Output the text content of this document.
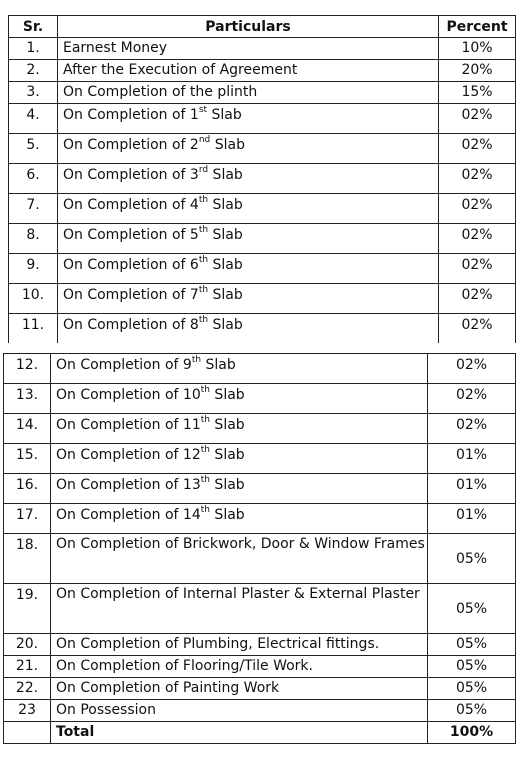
Sr.	Particulars	Percent
1.	Earnest Money	10%
2.	After the Execution of Agreement	20%
3.	On Completion of the plinth	15%
4.	On Completion of 1st Slab	02%
5.	On Completion of 2nd Slab	02%
6.	On Completion of 3rd Slab	02%
7.	On Completion of 4th Slab	02%
8.	On Completion of 5th Slab	02%
9.	On Completion of 6th Slab	02%
10.	On Completion of 7th Slab	02%
11.	On Completion of 8th Slab	02%
12.	On Completion of 9th Slab	02%
13.	On Completion of 10th Slab	02%
14.	On Completion of 11th Slab	02%
15.	On Completion of 12th Slab	01%
16.	On Completion of 13th Slab	01%
17.	On Completion of 14th Slab	01%
18.	On Completion of Brickwork, Door & Window Frames	05%
19.	On Completion of Internal Plaster & External Plaster	05%
20.	On Completion of Plumbing, Electrical fittings.	05%
21.	On Completion of Flooring/Tile Work.	05%
22.	On Completion of Painting Work	05%
23	On Possession	05%
	Total	100%
